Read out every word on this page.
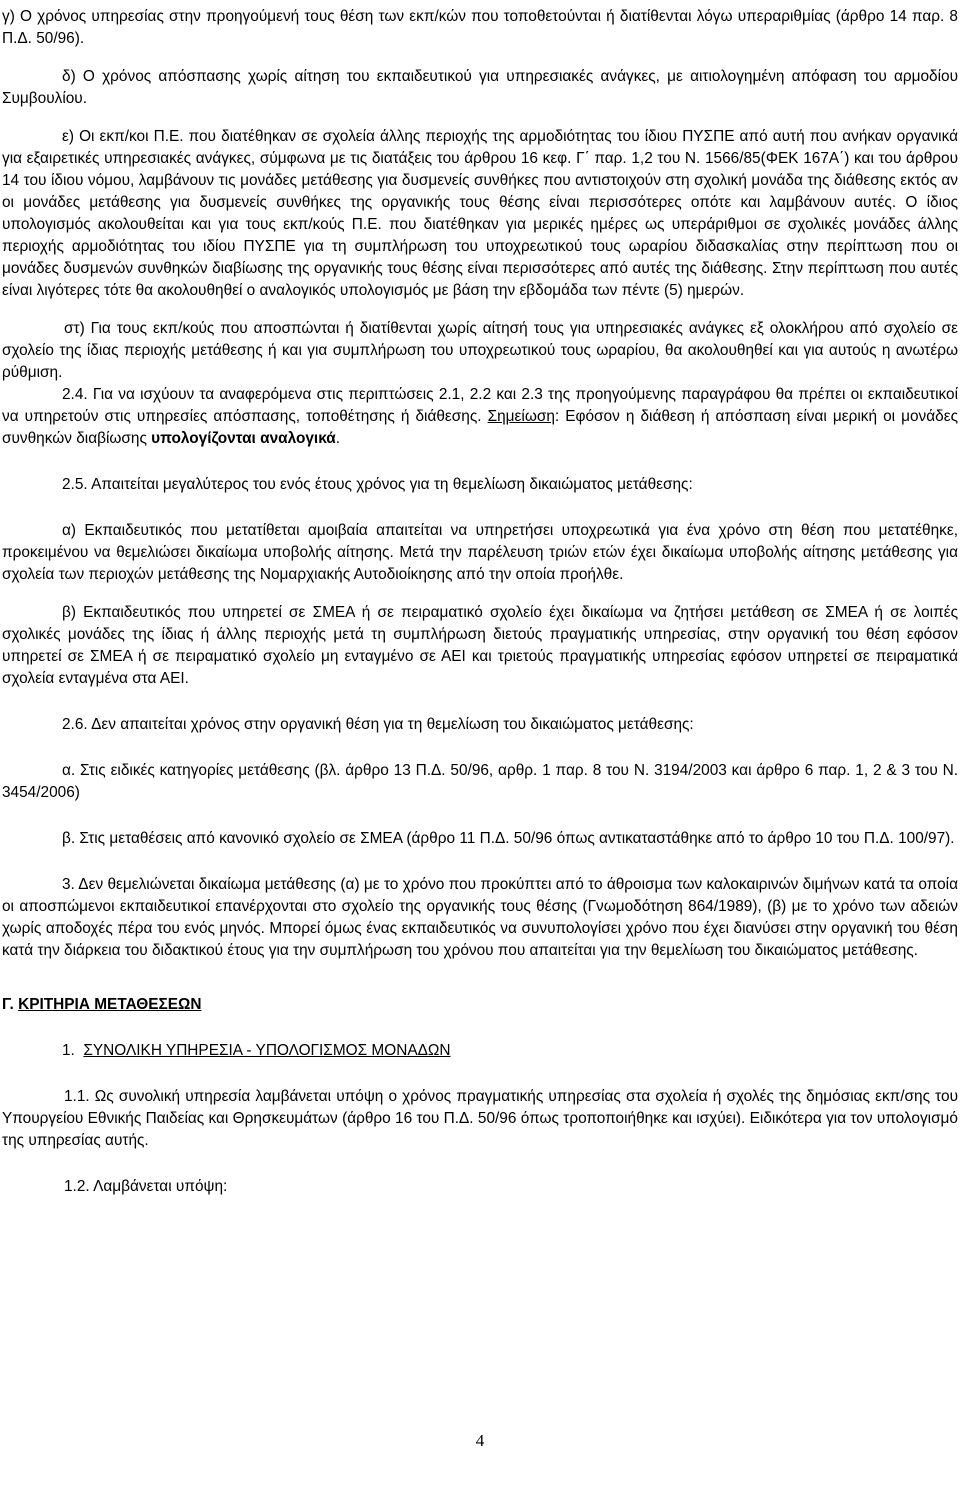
γ) Ο χρόνος υπηρεσίας στην προηγούμενή τους θέση των εκπ/κών που τοποθετούνται ή διατίθενται λόγω υπεραριθμίας (άρθρο 14 παρ. 8 Π.Δ. 50/96).

δ) Ο χρόνος απόσπασης χωρίς αίτηση του εκπαιδευτικού για υπηρεσιακές ανάγκες, με αιτιολογημένη απόφαση του αρμοδίου Συμβουλίου.

ε) Οι εκπ/κοι Π.Ε. που διατέθηκαν σε σχολεία άλλης περιοχής της αρμοδιότητας του ίδιου ΠΥΣΠΕ από αυτή που ανήκαν οργανικά για εξαιρετικές υπηρεσιακές ανάγκες, σύμφωνα με τις διατάξεις του άρθρου 16 κεφ. Γ΄ παρ. 1,2 του Ν. 1566/85(ΦΕΚ 167Α΄) και του άρθρου 14 του ίδιου νόμου, λαμβάνουν τις μονάδες μετάθεσης για δυσμενείς συνθήκες που αντιστοιχούν στη σχολική μονάδα της διάθεσης εκτός αν οι μονάδες μετάθεσης για δυσμενείς συνθήκες της οργανικής τους θέσης είναι περισσότερες οπότε και λαμβάνουν αυτές. Ο ίδιος υπολογισμός ακολουθείται και για τους εκπ/κούς Π.Ε. που διατέθηκαν για μερικές ημέρες ως υπεράριθμοι σε σχολικές μονάδες άλλης περιοχής αρμοδιότητας του ιδίου ΠΥΣΠΕ για τη συμπλήρωση του υποχρεωτικού τους ωραρίου διδασκαλίας στην περίπτωση που οι μονάδες δυσμενών συνθηκών διαβίωσης της οργανικής τους θέσης είναι περισσότερες από αυτές της διάθεσης. Στην περίπτωση που αυτές είναι λιγότερες τότε θα ακολουθηθεί ο αναλογικός υπολογισμός με βάση την εβδομάδα των πέντε (5) ημερών.

στ) Για τους εκπ/κούς που αποσπώνται ή διατίθενται χωρίς αίτησή τους για υπηρεσιακές ανάγκες εξ ολοκλήρου από σχολείο σε σχολείο της ίδιας περιοχής μετάθεσης ή και για συμπλήρωση του υποχρεωτικού τους ωραρίου, θα ακολουθηθεί και για αυτούς η ανωτέρω ρύθμιση.

2.4. Για να ισχύουν τα αναφερόμενα στις περιπτώσεις 2.1, 2.2 και 2.3 της προηγούμενης παραγράφου θα πρέπει οι εκπαιδευτικοί να υπηρετούν στις υπηρεσίες απόσπασης, τοποθέτησης ή διάθεσης. Σημείωση: Εφόσον η διάθεση ή απόσπαση είναι μερική οι μονάδες συνθηκών διαβίωσης υπολογίζονται αναλογικά.

2.5. Απαιτείται μεγαλύτερος του ενός έτους χρόνος για τη θεμελίωση δικαιώματος μετάθεσης:

α) Εκπαιδευτικός που μετατίθεται αμοιβαία απαιτείται να υπηρετήσει υποχρεωτικά για ένα χρόνο στη θέση που μετατέθηκε, προκειμένου να θεμελιώσει δικαίωμα υποβολής αίτησης. Μετά την παρέλευση τριών ετών έχει δικαίωμα υποβολής αίτησης μετάθεσης για σχολεία των περιοχών μετάθεσης της Νομαρχιακής Αυτοδιοίκησης από την οποία προήλθε.

β) Εκπαιδευτικός που υπηρετεί σε ΣΜΕΑ ή σε πειραματικό σχολείο έχει δικαίωμα να ζητήσει μετάθεση σε ΣΜΕΑ ή σε λοιπές σχολικές μονάδες της ίδιας ή άλλης περιοχής μετά τη συμπλήρωση διετούς πραγματικής υπηρεσίας, στην οργανική του θέση εφόσον υπηρετεί σε ΣΜΕΑ ή σε πειραματικό σχολείο μη ενταγμένο σε ΑΕΙ και τριετούς πραγματικής υπηρεσίας εφόσον υπηρετεί σε πειραματικά σχολεία ενταγμένα στα ΑΕΙ.

2.6. Δεν απαιτείται χρόνος στην οργανική θέση για τη θεμελίωση του δικαιώματος μετάθεσης:

α. Στις ειδικές κατηγορίες μετάθεσης (βλ. άρθρο 13 Π.Δ. 50/96, αρθρ. 1 παρ. 8 του Ν. 3194/2003 και άρθρο 6 παρ. 1, 2 & 3 του Ν. 3454/2006)

β. Στις μεταθέσεις από κανονικό σχολείο σε ΣΜΕΑ (άρθρο 11 Π.Δ. 50/96 όπως αντικαταστάθηκε από το άρθρο 10 του Π.Δ. 100/97).

3. Δεν θεμελιώνεται δικαίωμα μετάθεσης (α) με το χρόνο που προκύπτει από το άθροισμα των καλοκαιρινών διμήνων κατά τα οποία οι αποσπώμενοι εκπαιδευτικοί επανέρχονται στο σχολείο της οργανικής τους θέσης (Γνωμοδότηση 864/1989), (β) με το χρόνο των αδειών χωρίς αποδοχές πέρα του ενός μηνός. Μπορεί όμως ένας εκπαιδευτικός να συνυπολογίσει χρόνο που έχει διανύσει στην οργανική του θέση κατά την διάρκεια του διδακτικού έτους για την συμπλήρωση του χρόνου που απαιτείται για την θεμελίωση του δικαιώματος μετάθεσης.

Γ. ΚΡΙΤΗΡΙΑ ΜΕΤΑΘΕΣΕΩΝ

1. ΣΥΝΟΛΙΚΗ ΥΠΗΡΕΣΙΑ - ΥΠΟΛΟΓΙΣΜΟΣ ΜΟΝΑΔΩΝ

1.1. Ως συνολική υπηρεσία λαμβάνεται υπόψη ο χρόνος πραγματικής υπηρεσίας στα σχολεία ή σχολές της δημόσιας εκπ/σης του Υπουργείου Εθνικής Παιδείας και Θρησκευμάτων (άρθρο 16 του Π.Δ. 50/96 όπως τροποποιήθηκε και ισχύει). Ειδικότερα για τον υπολογισμό της υπηρεσίας αυτής.

1.2. Λαμβάνεται υπόψη:

4
